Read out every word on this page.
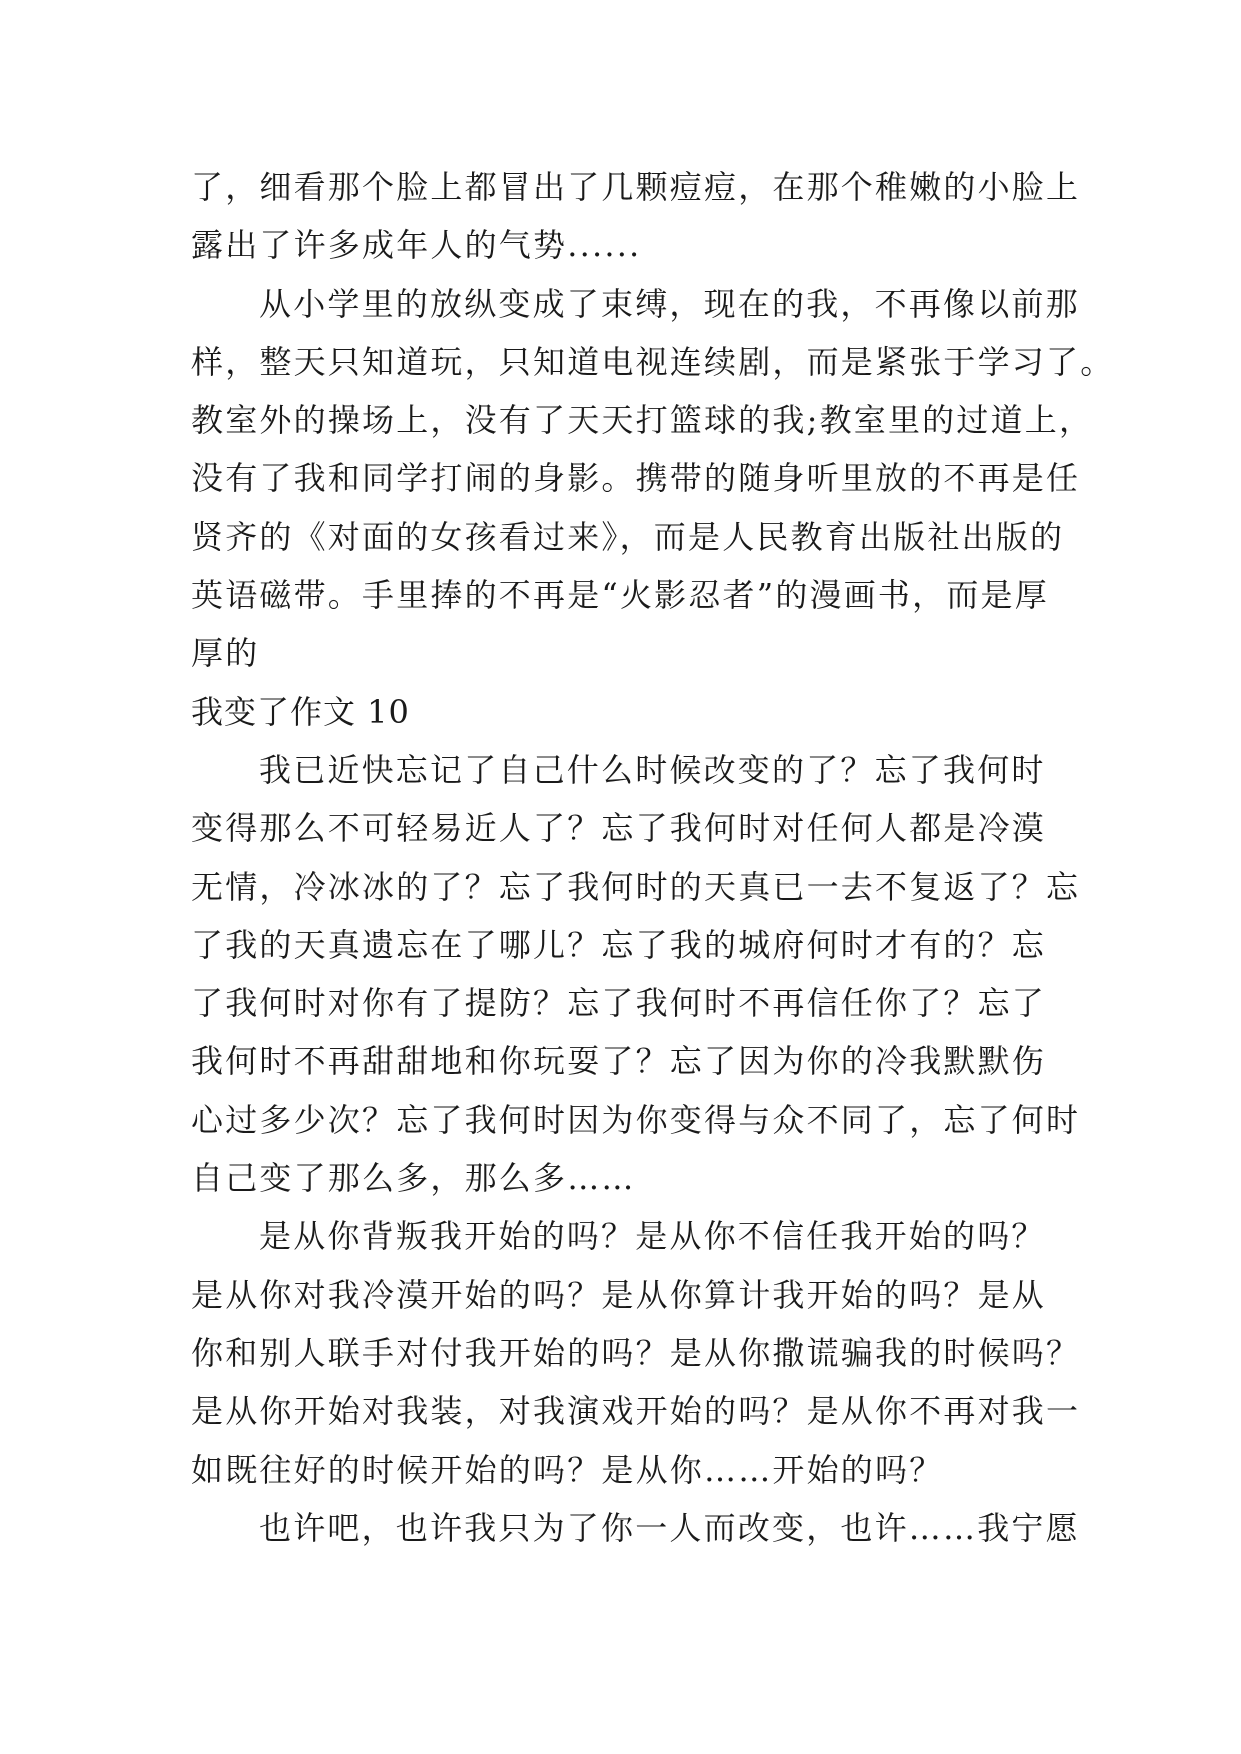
了，细看那个脸上都冒出了几颗痘痘，在那个稚嫩的小脸上
露出了许多成年人的气势......
从小学里的放纵变成了束缚，现在的我，不再像以前那
样，整天只知道玩，只知道电视连续剧，而是紧张于学习了。
教室外的操场上，没有了天天打篮球的我;教室里的过道上，
没有了我和同学打闹的身影。携带的随身听里放的不再是任
贤齐的《对面的女孩看过来》，而是人民教育出版社出版的
英语磁带。手里捧的不再是“火影忍者”的漫画书，而是厚
厚的
我变了作文 10
我已近快忘记了自己什么时候改变的了？忘了我何时
变得那么不可轻易近人了？忘了我何时对任何人都是冷漠
无情，冷冰冰的了？忘了我何时的天真已一去不复返了？忘
了我的天真遗忘在了哪儿？忘了我的城府何时才有的？忘
了我何时对你有了提防？忘了我何时不再信任你了？忘了
我何时不再甜甜地和你玩耍了？忘了因为你的冷我默默伤
心过多少次？忘了我何时因为你变得与众不同了，忘了何时
自己变了那么多，那么多……
是从你背叛我开始的吗？是从你不信任我开始的吗？
是从你对我冷漠开始的吗？是从你算计我开始的吗？是从
你和别人联手对付我开始的吗？是从你撒谎骗我的时候吗？
是从你开始对我装，对我演戏开始的吗？是从你不再对我一
如既往好的时候开始的吗？是从你……开始的吗？
也许吧，也许我只为了你一人而改变，也许……我宁愿
